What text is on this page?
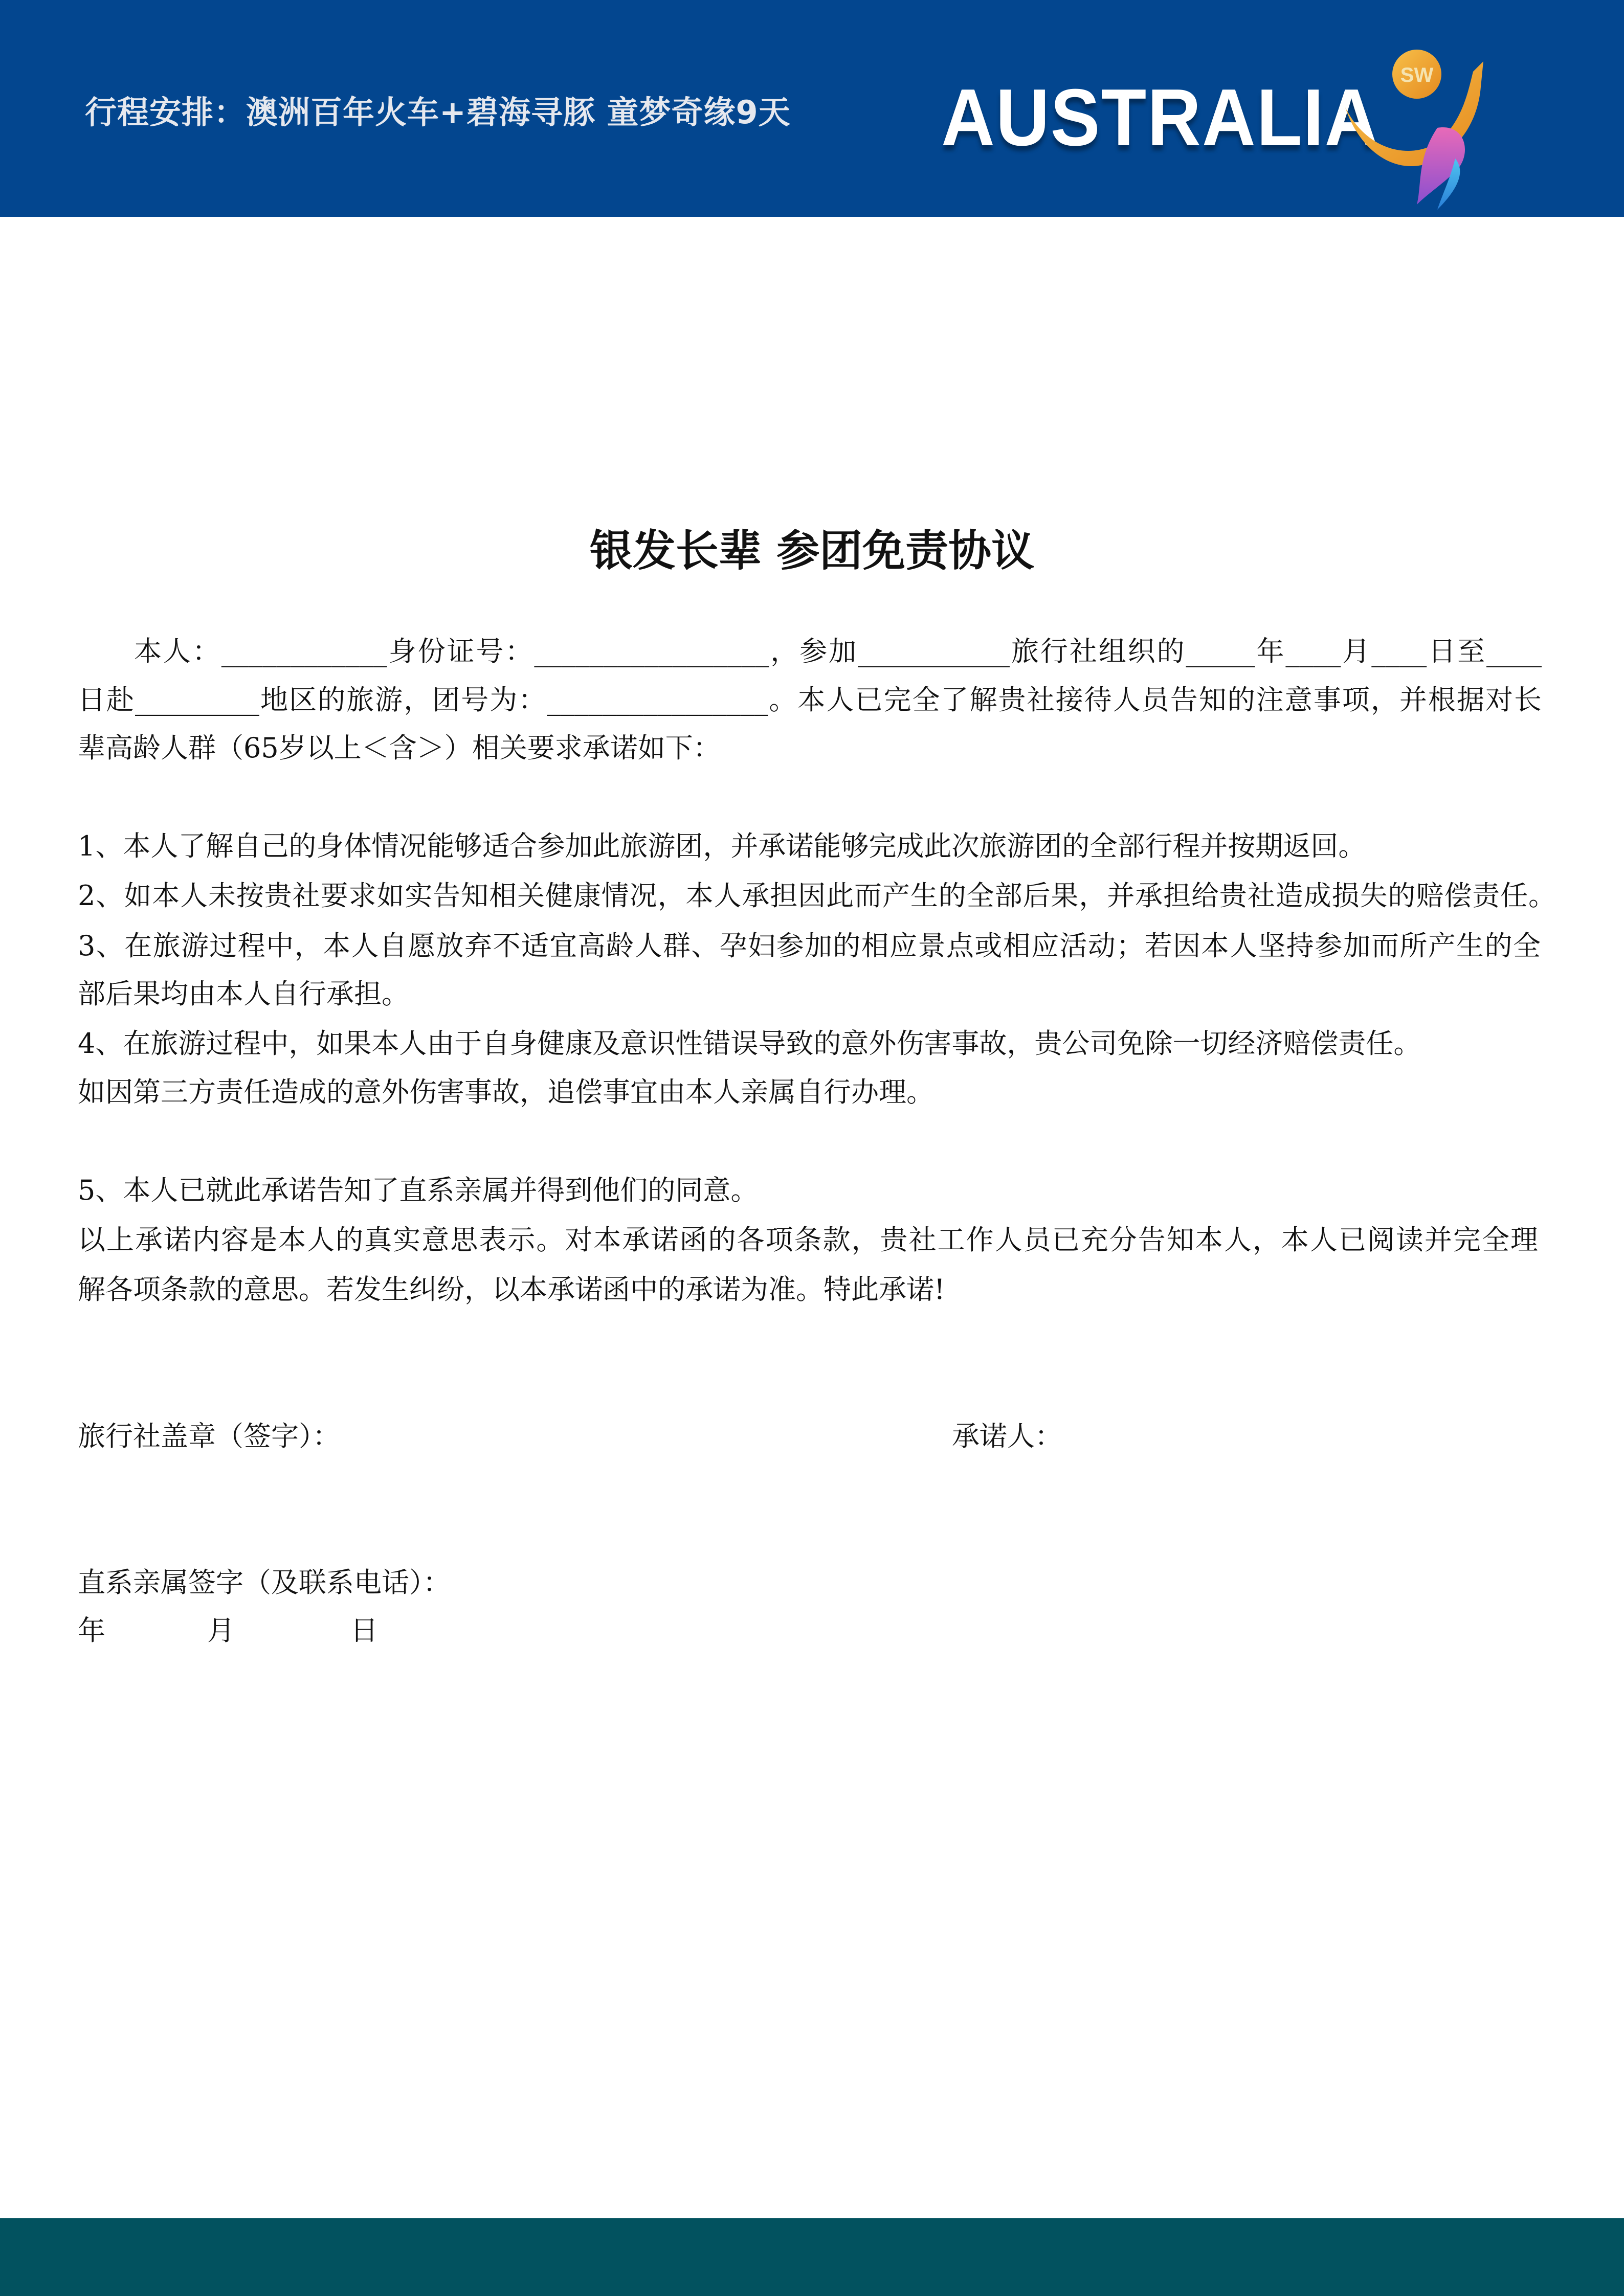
行程安排：澳洲百年火车+碧海寻豚 童梦奇缘9天 AUSTRALIA SW
银发长辈 参团免责协议
本人：____________身份证号：_________________，参加___________旅行社组织的_____年____月____日至____
日赴_________地区的旅游，团号为：________________。本人已完全了解贵社接待人员告知的注意事项，并根据对长
辈高龄人群（65岁以上＜含＞）相关要求承诺如下：
1、本人了解自己的身体情况能够适合参加此旅游团，并承诺能够完成此次旅游团的全部行程并按期返回。
2、如本人未按贵社要求如实告知相关健康情况，本人承担因此而产生的全部后果，并承担给贵社造成损失的赔偿责任。
3、在旅游过程中，本人自愿放弃不适宜高龄人群、孕妇参加的相应景点或相应活动；若因本人坚持参加而所产生的全
部后果均由本人自行承担。
4、在旅游过程中，如果本人由于自身健康及意识性错误导致的意外伤害事故，贵公司免除一切经济赔偿责任。
如因第三方责任造成的意外伤害事故，追偿事宜由本人亲属自行办理。
5、本人已就此承诺告知了直系亲属并得到他们的同意。
以上承诺内容是本人的真实意思表示。对本承诺函的各项条款，贵社工作人员已充分告知本人，本人已阅读并完全理
解各项条款的意思。若发生纠纷，以本承诺函中的承诺为准。特此承诺!
旅行社盖章（签字）：	承诺人：
直系亲属签字（及联系电话）：
年	月	日
